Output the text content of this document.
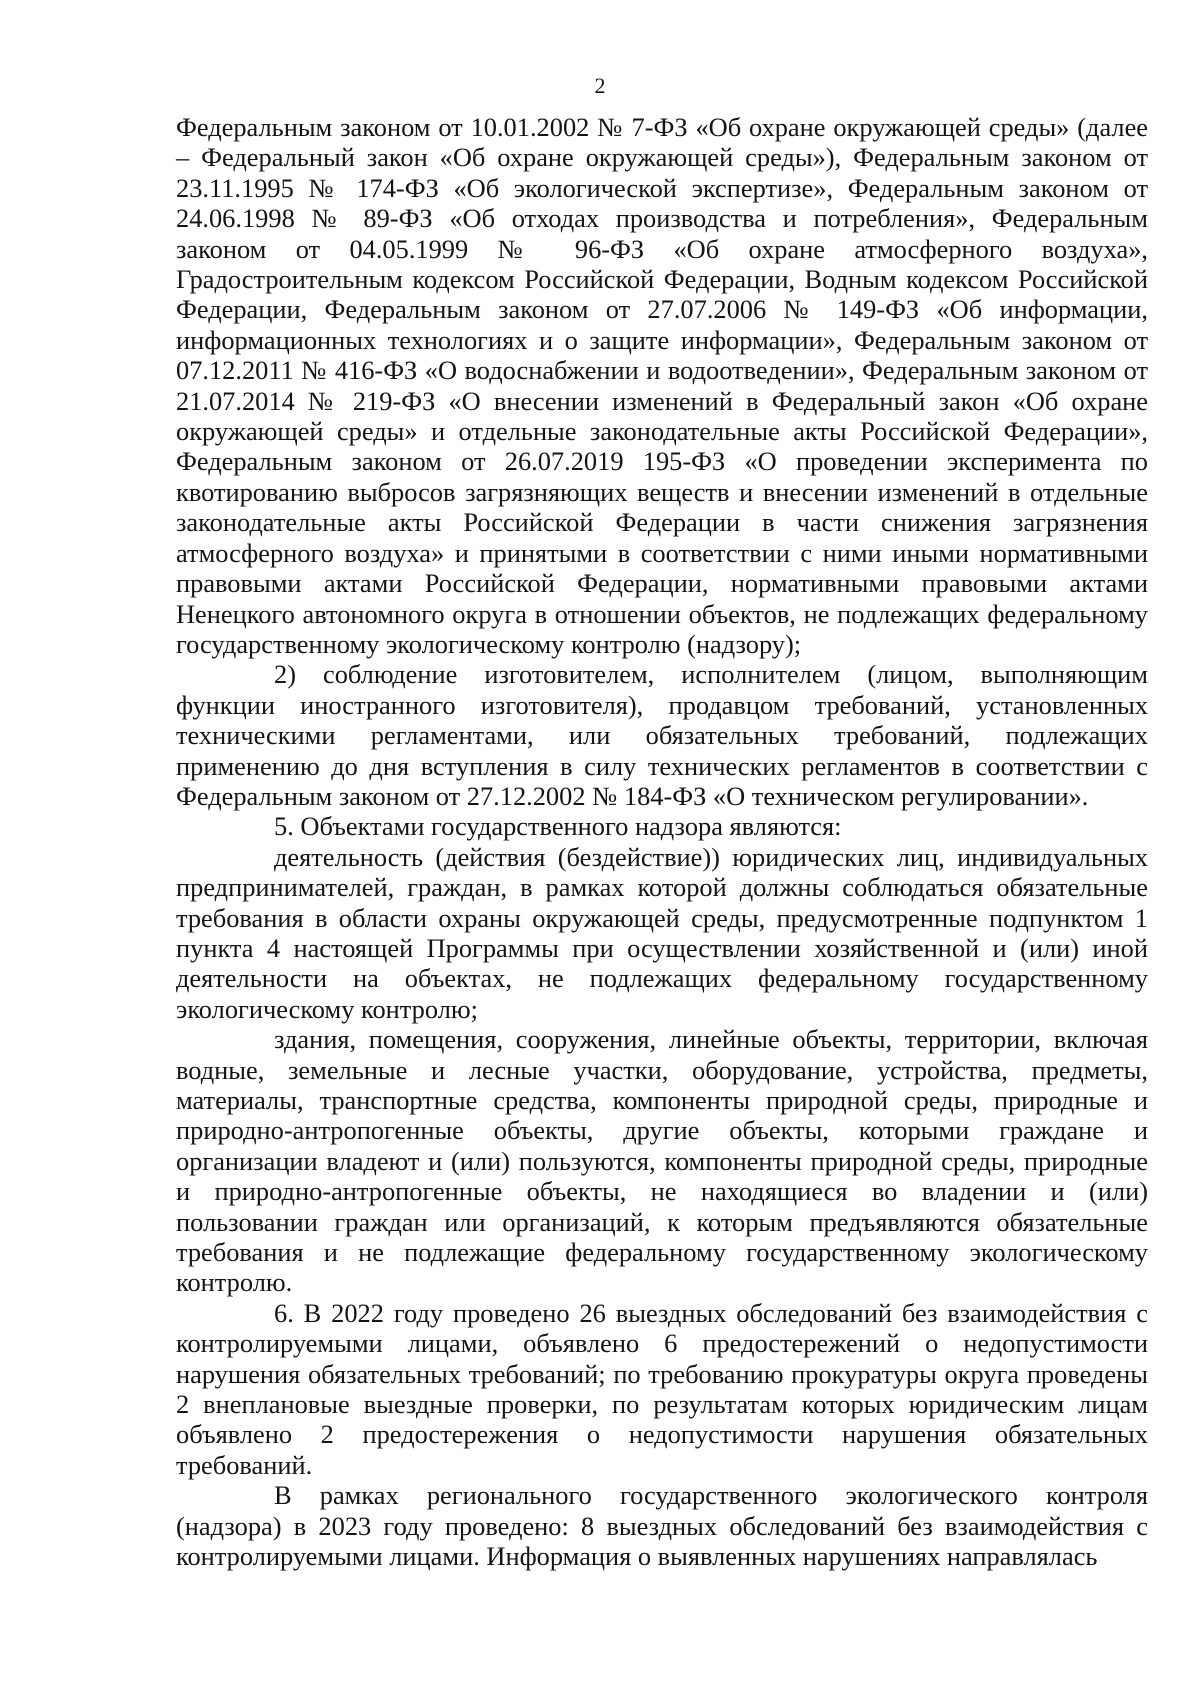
2

Федеральным законом от 10.01.2002 № 7-ФЗ «Об охране окружающей среды» (далее – Федеральный закон «Об охране окружающей среды»), Федеральным законом от 23.11.1995 № 174-ФЗ «Об экологической экспертизе», Федеральным законом от 24.06.1998 № 89-ФЗ «Об отходах производства и потребления», Федеральным законом от 04.05.1999 № 96-ФЗ «Об охране атмосферного воздуха», Градостроительным кодексом Российской Федерации, Водным кодексом Российской Федерации, Федеральным законом от 27.07.2006 № 149-ФЗ «Об информации, информационных технологиях и о защите информации», Федеральным законом от 07.12.2011 № 416-ФЗ «О водоснабжении и водоотведении», Федеральным законом от 21.07.2014 № 219-ФЗ «О внесении изменений в Федеральный закон «Об охране окружающей среды» и отдельные законодательные акты Российской Федерации», Федеральным законом от 26.07.2019 195-ФЗ «О проведении эксперимента по квотированию выбросов загрязняющих веществ и внесении изменений в отдельные законодательные акты Российской Федерации в части снижения загрязнения атмосферного воздуха» и принятыми в соответствии с ними иными нормативными правовыми актами Российской Федерации, нормативными правовыми актами Ненецкого автономного округа в отношении объектов, не подлежащих федеральному государственному экологическому контролю (надзору);

2) соблюдение изготовителем, исполнителем (лицом, выполняющим функции иностранного изготовителя), продавцом требований, установленных техническими регламентами, или обязательных требований, подлежащих применению до дня вступления в силу технических регламентов в соответствии с Федеральным законом от 27.12.2002 № 184-ФЗ «О техническом регулировании».

5. Объектами государственного надзора являются:

деятельность (действия (бездействие)) юридических лиц, индивидуальных предпринимателей, граждан, в рамках которой должны соблюдаться обязательные требования в области охраны окружающей среды, предусмотренные подпунктом 1 пункта 4 настоящей Программы при осуществлении хозяйственной и (или) иной деятельности на объектах, не подлежащих федеральному государственному экологическому контролю;

здания, помещения, сооружения, линейные объекты, территории, включая водные, земельные и лесные участки, оборудование, устройства, предметы, материалы, транспортные средства, компоненты природной среды, природные и природно-антропогенные объекты, другие объекты, которыми граждане и организации владеют и (или) пользуются, компоненты природной среды, природные и природно-антропогенные объекты, не находящиеся во владении и (или) пользовании граждан или организаций, к которым предъявляются обязательные требования и не подлежащие федеральному государственному экологическому контролю.

6. В 2022 году проведено 26 выездных обследований без взаимодействия с контролируемыми лицами, объявлено 6 предостережений о недопустимости нарушения обязательных требований; по требованию прокуратуры округа проведены 2 внеплановые выездные проверки, по результатам которых юридическим лицам объявлено 2 предостережения о недопустимости нарушения обязательных требований.

В рамках регионального государственного экологического контроля (надзора) в 2023 году проведено: 8 выездных обследований без взаимодействия с контролируемыми лицами. Информация о выявленных нарушениях направлялась
